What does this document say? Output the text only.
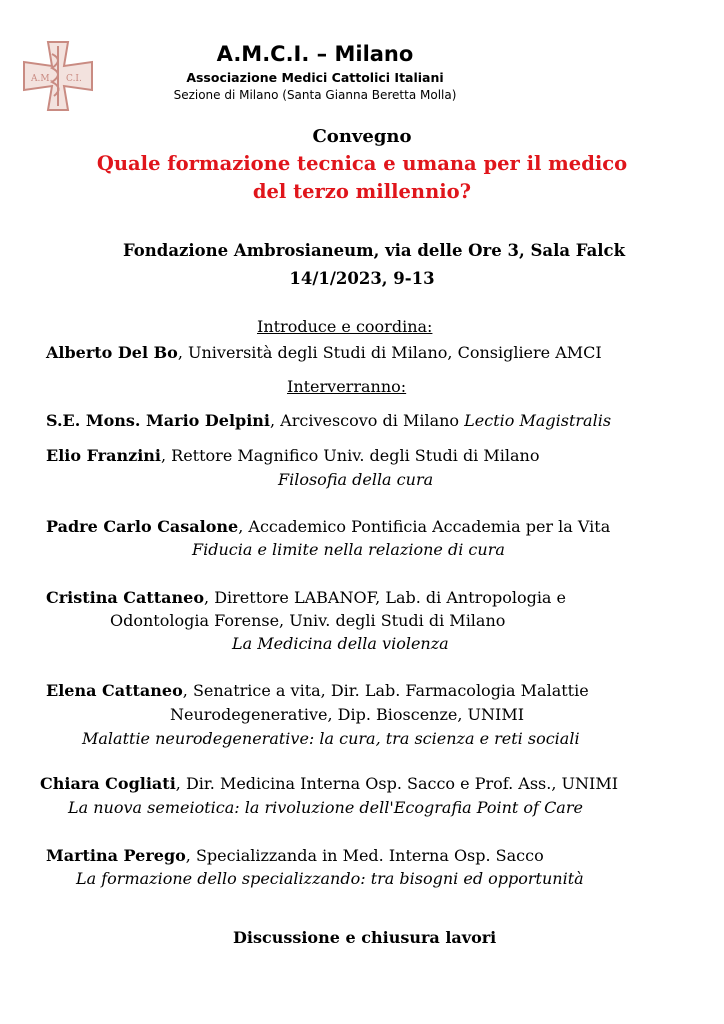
A.M. C.I.
A.M.C.I. – Milano
Associazione Medici Cattolici Italiani
Sezione di Milano (Santa Gianna Beretta Molla)
Convegno
Quale formazione tecnica e umana per il medico
del terzo millennio?
Fondazione Ambrosianeum, via delle Ore 3, Sala Falck
14/1/2023, 9-13
Introduce e coordina:
Alberto Del Bo, Università degli Studi di Milano, Consigliere AMCI
Interverranno:
S.E. Mons. Mario Delpini, Arcivescovo di Milano Lectio Magistralis
Elio Franzini, Rettore Magnifico Univ. degli Studi di Milano
Filosofia della cura
Padre Carlo Casalone, Accademico Pontificia Accademia per la Vita
Fiducia e limite nella relazione di cura
Cristina Cattaneo, Direttore LABANOF, Lab. di Antropologia e
Odontologia Forense, Univ. degli Studi di Milano
La Medicina della violenza
Elena Cattaneo, Senatrice a vita, Dir. Lab. Farmacologia Malattie
Neurodegenerative, Dip. Bioscenze, UNIMI
Malattie neurodegenerative: la cura, tra scienza e reti sociali
Chiara Cogliati, Dir. Medicina Interna Osp. Sacco e Prof. Ass., UNIMI
La nuova semeiotica: la rivoluzione dell'Ecografia Point of Care
Martina Perego, Specializzanda in Med. Interna Osp. Sacco
La formazione dello specializzando: tra bisogni ed opportunità
Discussione e chiusura lavori
